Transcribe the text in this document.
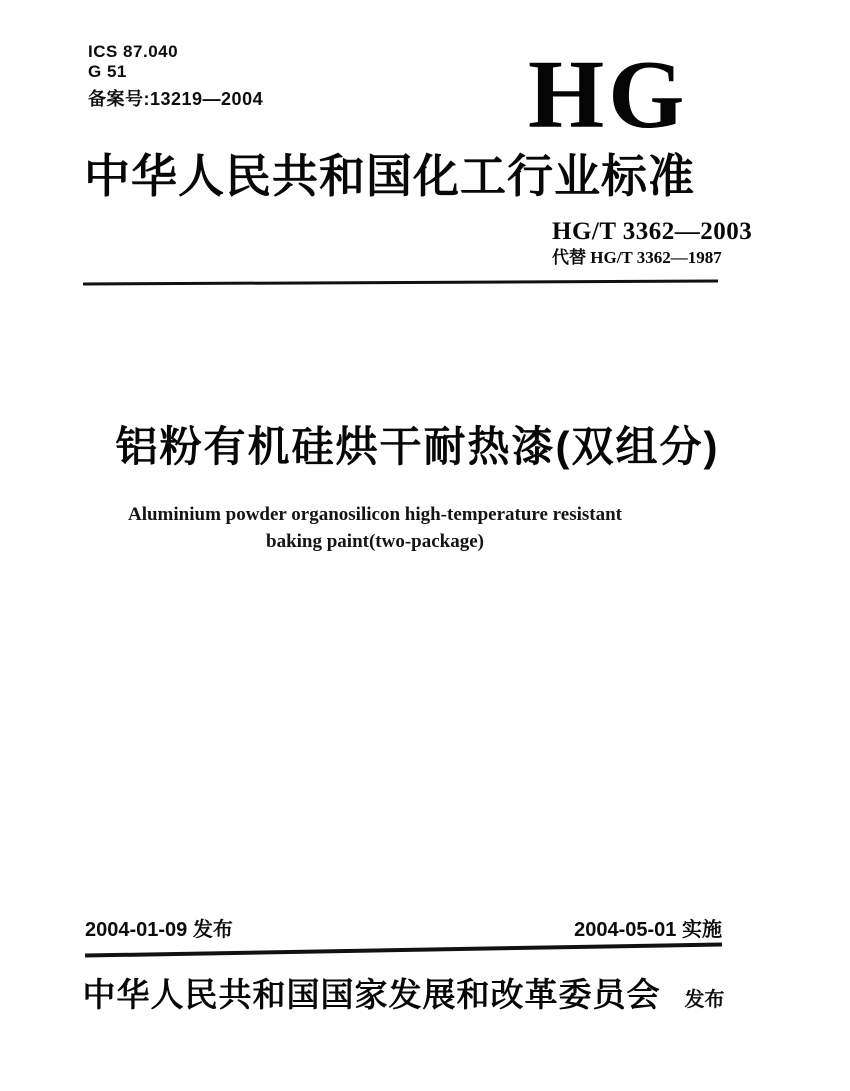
ICS 87.040
G 51
备案号:13219—2004	HG
中华人民共和国化工行业标准
HG/T 3362—2003
代替 HG/T 3362—1987
铝粉有机硅烘干耐热漆(双组分)
Aluminium powder organosilicon high-temperature resistant
baking paint(two-package)
2004-01-09 发布	2004-05-01 实施
中华人民共和国国家发展和改革委员会 发布
